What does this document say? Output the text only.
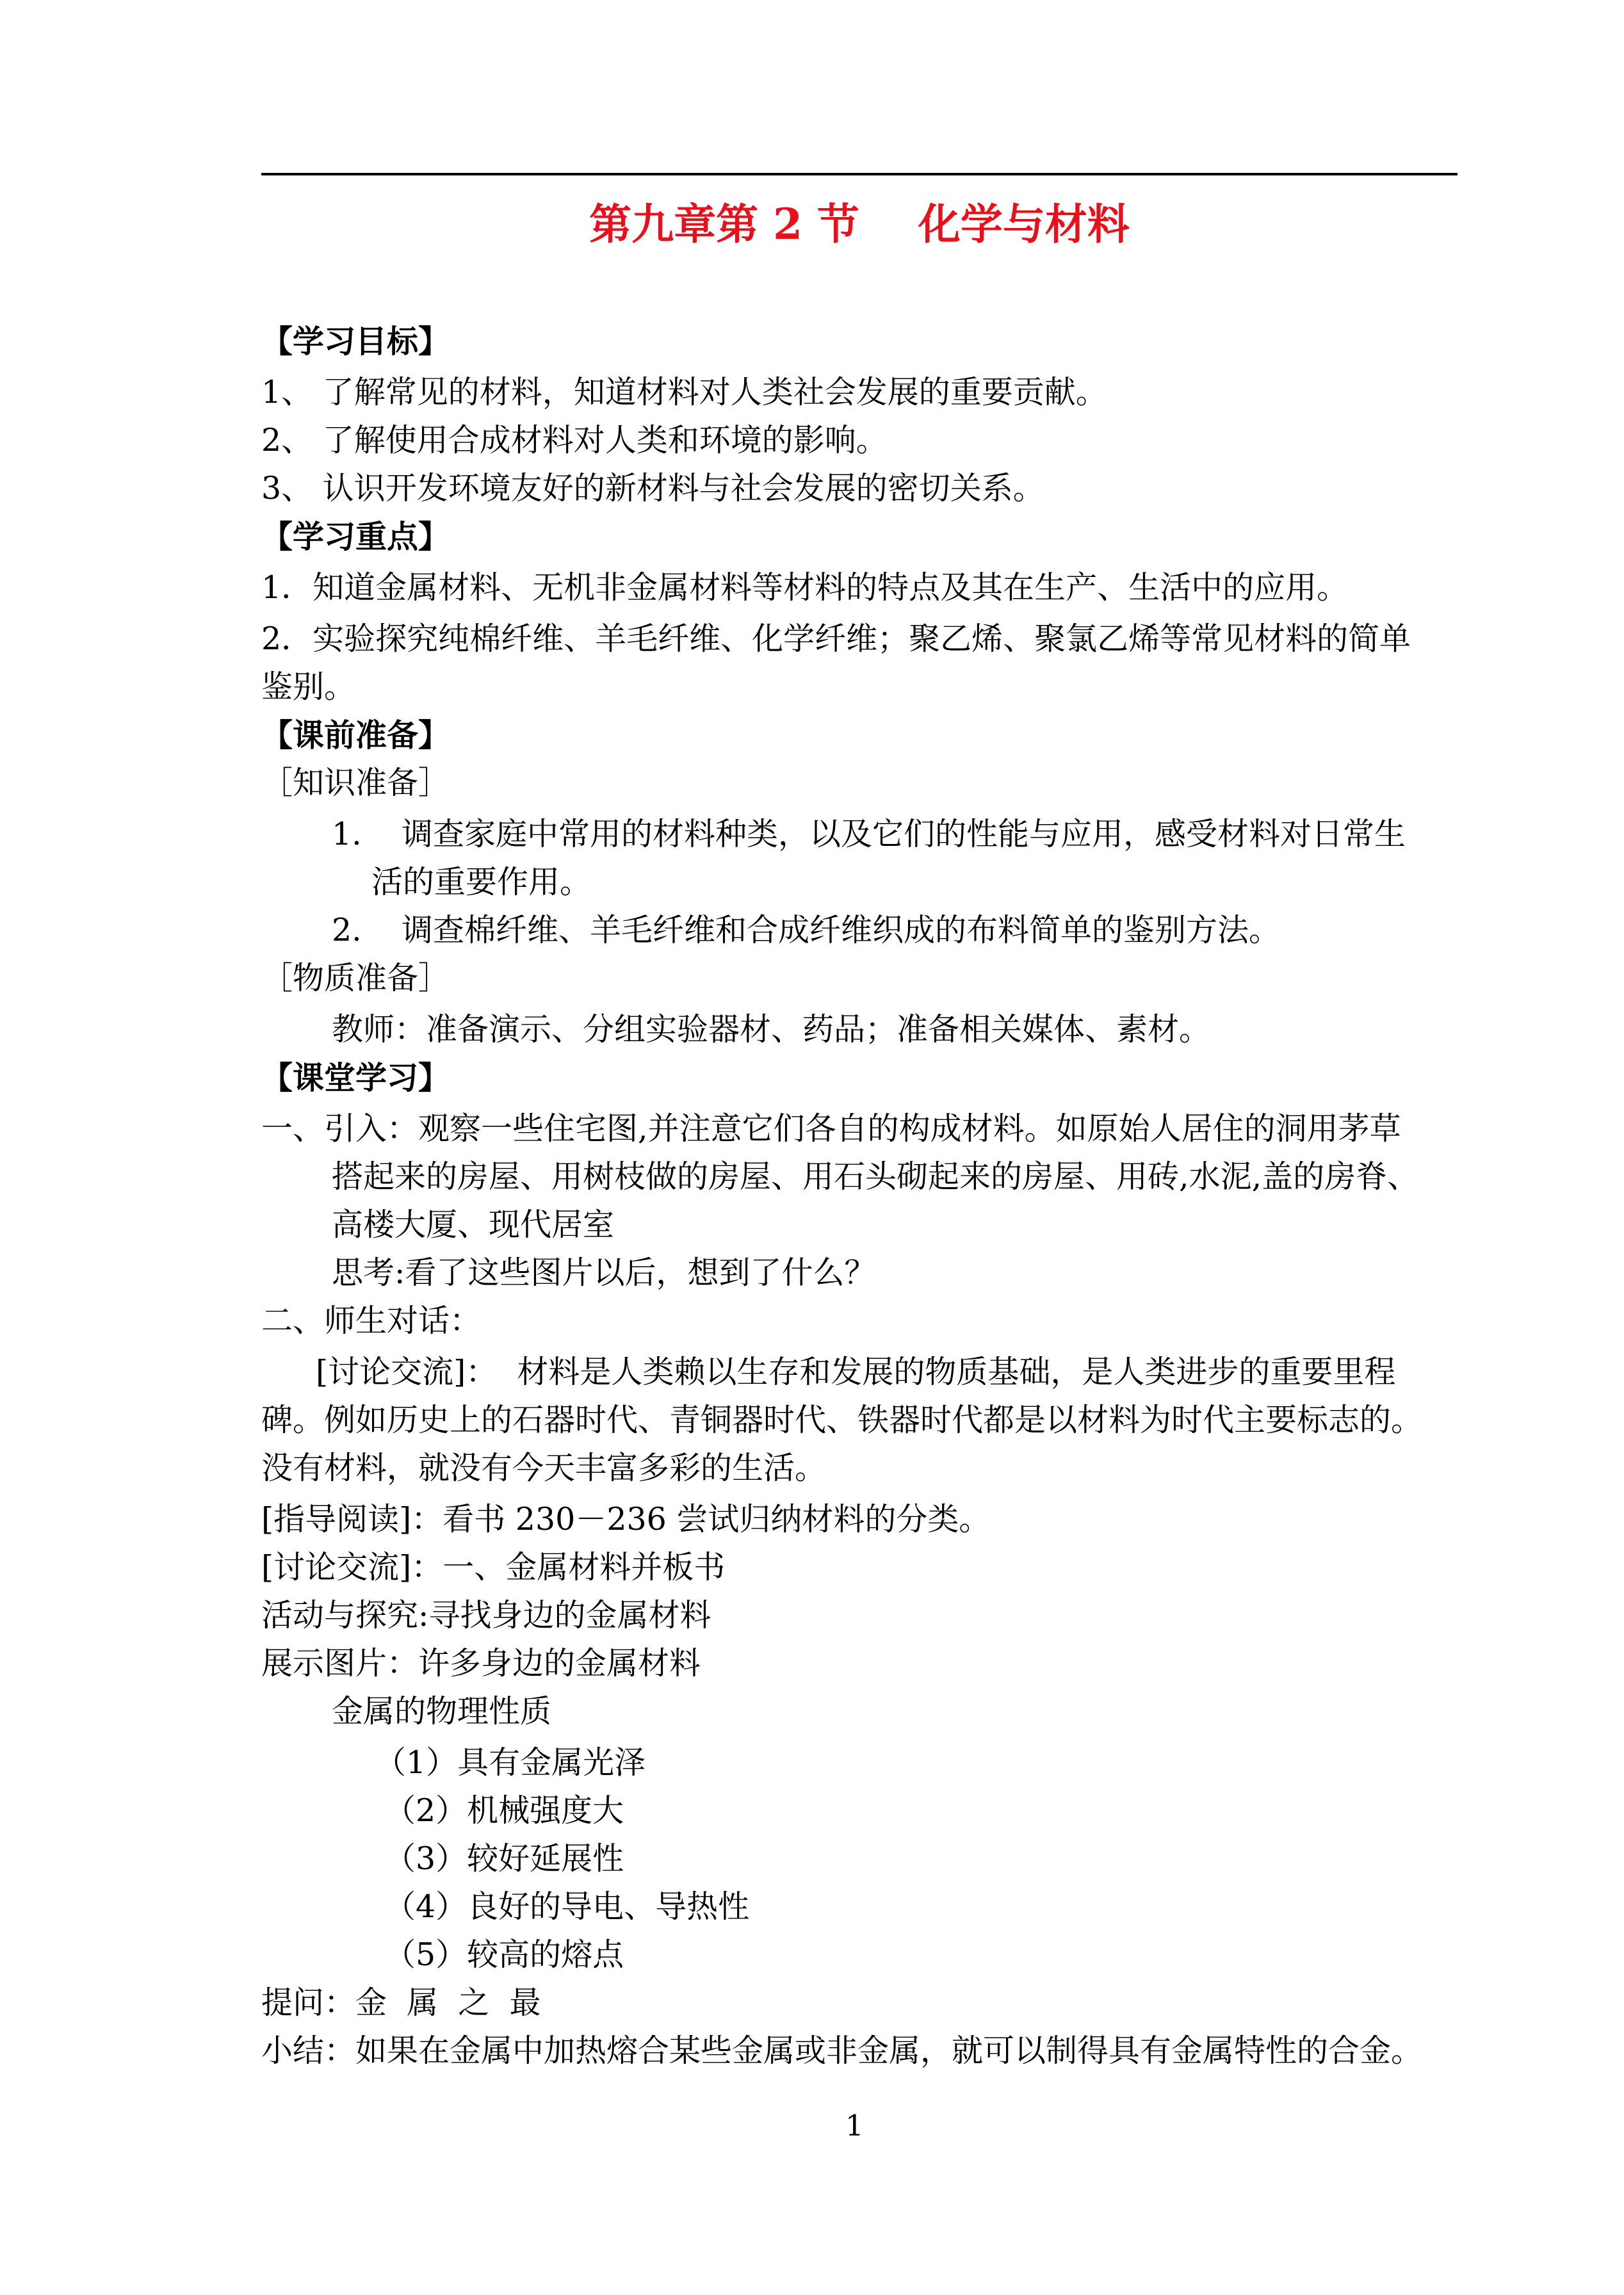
第九章第 2 节    化学与材料
【学习目标】
1、 了解常见的材料，知道材料对人类社会发展的重要贡献。
2、 了解使用合成材料对人类和环境的影响。
3、 认识开发环境友好的新材料与社会发展的密切关系。
【学习重点】
1．知道金属材料、无机非金属材料等材料的特点及其在生产、生活中的应用。
2．实验探究纯棉纤维、羊毛纤维、化学纤维；聚乙烯、聚氯乙烯等常见材料的简单
鉴别。
【课前准备】
［知识准备］
1.    调查家庭中常用的材料种类，以及它们的性能与应用，感受材料对日常生
活的重要作用。
2.    调查棉纤维、羊毛纤维和合成纤维织成的布料简单的鉴别方法。
［物质准备］
教师：准备演示、分组实验器材、药品；准备相关媒体、素材。
【课堂学习】
一、引入：观察一些住宅图,并注意它们各自的构成材料。如原始人居住的洞用茅草
搭起来的房屋、用树枝做的房屋、用石头砌起来的房屋、用砖,水泥,盖的房脊、
高楼大厦、现代居室
思考:看了这些图片以后，想到了什么？
二、师生对话：
[讨论交流]：  材料是人类赖以生存和发展的物质基础，是人类进步的重要里程
碑。例如历史上的石器时代、青铜器时代、铁器时代都是以材料为时代主要标志的。
没有材料，就没有今天丰富多彩的生活。
[指导阅读]：看书 230－236 尝试归纳材料的分类。
[讨论交流]：一、金属材料并板书
活动与探究:寻找身边的金属材料
展示图片：许多身边的金属材料
金属的物理性质
（1）具有金属光泽
（2）机械强度大
（3）较好延展性
（4）良好的导电、导热性
（5）较高的熔点
提问：金  属  之  最
小结：如果在金属中加热熔合某些金属或非金属，就可以制得具有金属特性的合金。
1
